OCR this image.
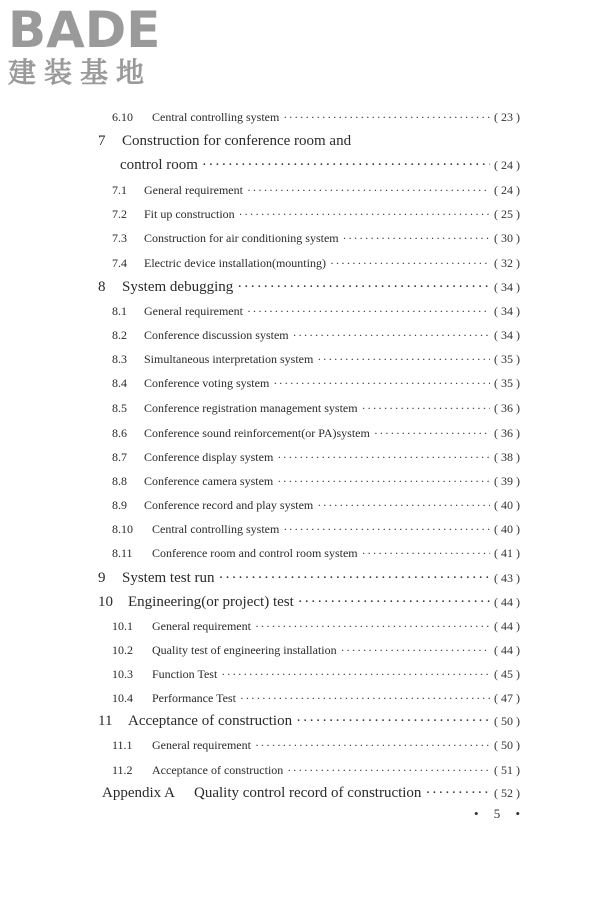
BADE
建装基地
6.10	Central controlling system ·····	( 23 )
7	Construction for conference room and
control room ·····	( 24 )
7.1	General requirement ·····	( 24 )
7.2	Fit up construction ·····	( 25 )
7.3	Construction for air conditioning system ·····	( 30 )
7.4	Electric device installation(mounting) ·····	( 32 )
8	System debugging ·····	( 34 )
8.1	General requirement ·····	( 34 )
8.2	Conference discussion system ·····	( 34 )
8.3	Simultaneous interpretation system ·····	( 35 )
8.4	Conference voting system ·····	( 35 )
8.5	Conference registration management system ·····	( 36 )
8.6	Conference sound reinforcement(or PA)system ·····	( 36 )
8.7	Conference display system ·····	( 38 )
8.8	Conference camera system ·····	( 39 )
8.9	Conference record and play system ·····	( 40 )
8.10	Central controlling system ·····	( 40 )
8.11	Conference room and control room system ·····	( 41 )
9	System test run ·····	( 43 )
10	Engineering(or project) test ·····	( 44 )
10.1	General requirement ·····	( 44 )
10.2	Quality test of engineering installation ·····	( 44 )
10.3	Function Test ·····	( 45 )
10.4	Performance Test ·····	( 47 )
11	Acceptance of construction ·····	( 50 )
11.1	General requirement ·····	( 50 )
11.2	Acceptance of construction ·····	( 51 )
Appendix A	Quality control record of construction ·····	( 52 )
• 5 •
